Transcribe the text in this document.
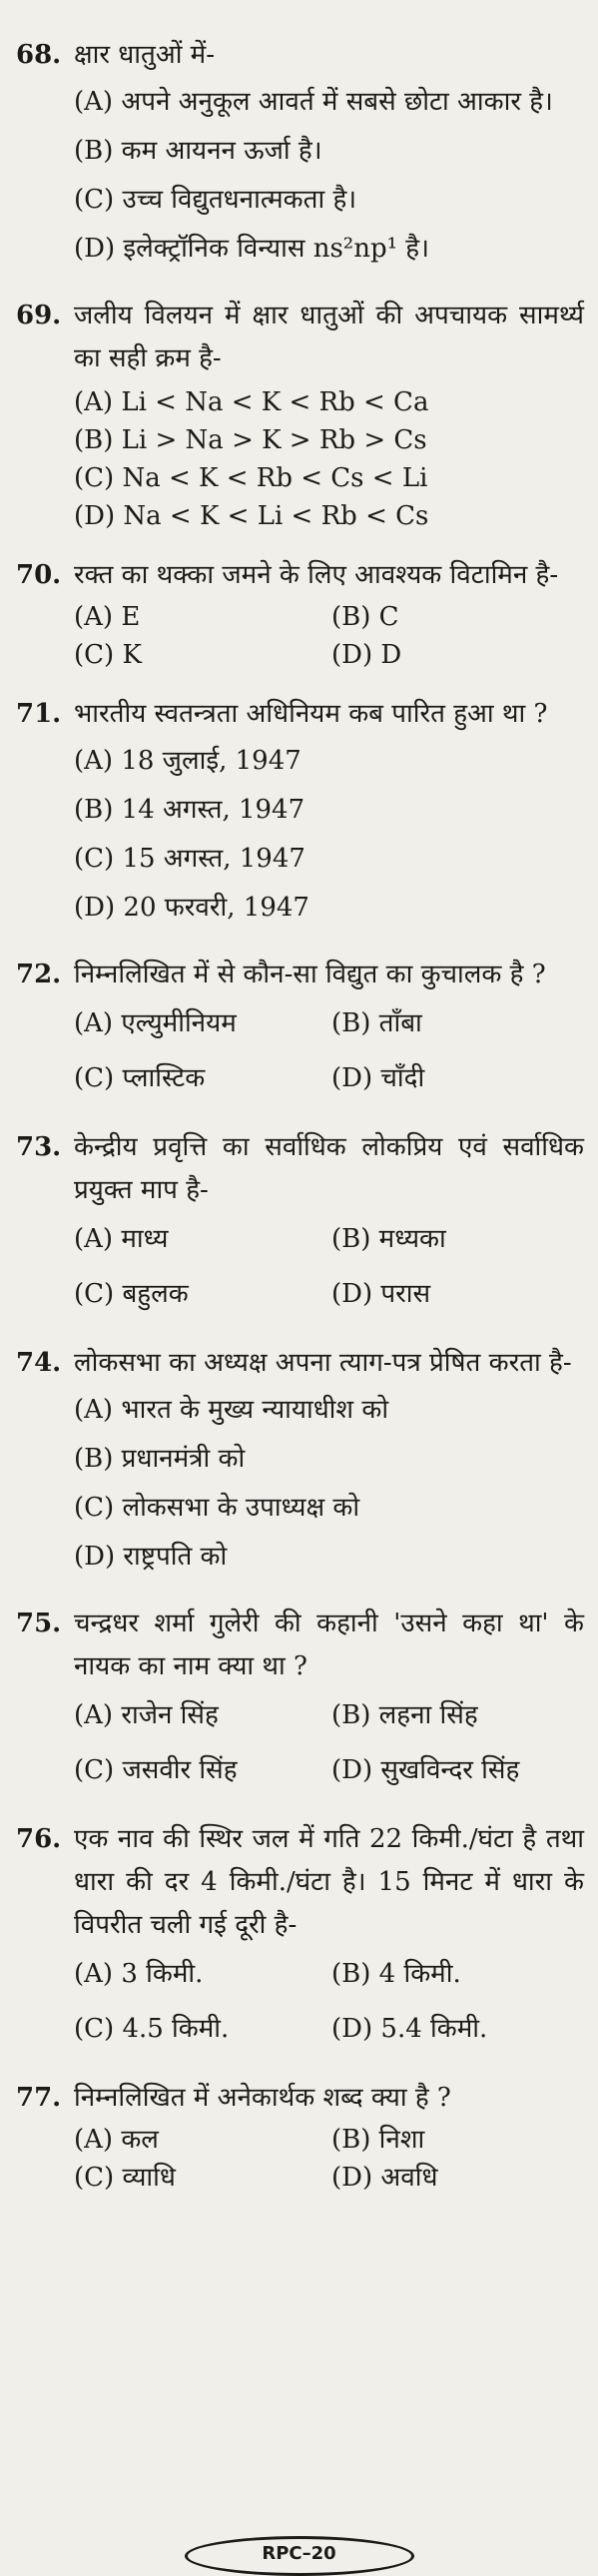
68. क्षार धातुओं में-
(A) अपने अनुकूल आवर्त में सबसे छोटा आकार है।
(B) कम आयनन ऊर्जा है।
(C) उच्च विद्युतधनात्मकता है।
(D) इलेक्ट्रॉनिक विन्यास ns²np¹ है।
69. जलीय विलयन में क्षार धातुओं की अपचायक सामर्थ्य का सही क्रम है-
(A) Li < Na < K < Rb < Ca
(B) Li > Na > K > Rb > Cs
(C) Na < K < Rb < Cs < Li
(D) Na < K < Li < Rb < Cs
70. रक्त का थक्का जमने के लिए आवश्यक विटामिन है-
(A) E	(B) C
(C) K	(D) D
71. भारतीय स्वतन्त्रता अधिनियम कब पारित हुआ था ?
(A) 18 जुलाई, 1947
(B) 14 अगस्त, 1947
(C) 15 अगस्त, 1947
(D) 20 फरवरी, 1947
72. निम्नलिखित में से कौन-सा विद्युत का कुचालक है ?
(A) एल्युमीनियम	(B) ताँबा
(C) प्लास्टिक	(D) चाँदी
73. केन्द्रीय प्रवृत्ति का सर्वाधिक लोकप्रिय एवं सर्वाधिक प्रयुक्त माप है-
(A) माध्य	(B) मध्यका
(C) बहुलक	(D) परास
74. लोकसभा का अध्यक्ष अपना त्याग-पत्र प्रेषित करता है-
(A) भारत के मुख्य न्यायाधीश को
(B) प्रधानमंत्री को
(C) लोकसभा के उपाध्यक्ष को
(D) राष्ट्रपति को
75. चन्द्रधर शर्मा गुलेरी की कहानी 'उसने कहा था' के नायक का नाम क्या था ?
(A) राजेन सिंह	(B) लहना सिंह
(C) जसवीर सिंह	(D) सुखविन्दर सिंह
76. एक नाव की स्थिर जल में गति 22 किमी./घंटा है तथा धारा की दर 4 किमी./घंटा है। 15 मिनट में धारा के विपरीत चली गई दूरी है-
(A) 3 किमी.	(B) 4 किमी.
(C) 4.5 किमी.	(D) 5.4 किमी.
77. निम्नलिखित में अनेकार्थक शब्द क्या है ?
(A) कल	(B) निशा
(C) व्याधि	(D) अवधि
RPC–20
